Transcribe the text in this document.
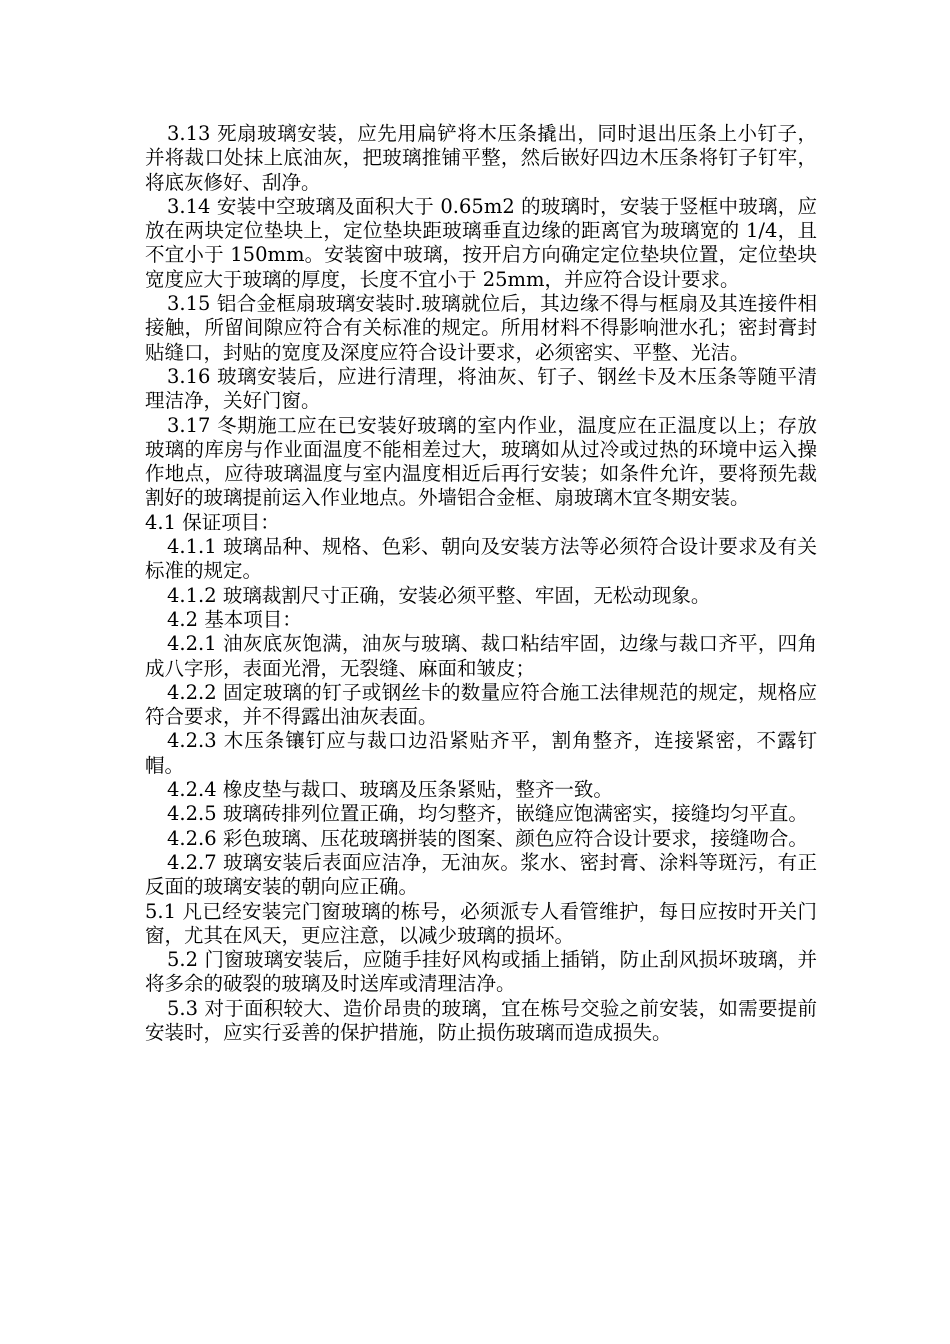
3.13 死扇玻璃安装，应先用扁铲将木压条撬出，同时退出压条上小钉子，并将裁口处抹上底油灰，把玻璃推铺平整，然后嵌好四边木压条将钉子钉牢，将底灰修好、刮净。

3.14 安装中空玻璃及面积大于 0.65m2 的玻璃时，安装于竖框中玻璃，应放在两块定位垫块上，定位垫块距玻璃垂直边缘的距离官为玻璃宽的 1/4，且不宜小于 150mm。安装窗中玻璃，按开启方向确定定位垫块位置，定位垫块宽度应大于玻璃的厚度，长度不宜小于 25mm，并应符合设计要求。

3.15 铝合金框扇玻璃安装时.玻璃就位后，其边缘不得与框扇及其连接件相接触，所留间隙应符合有关标准的规定。所用材料不得影响泄水孔；密封膏封贴缝口，封贴的宽度及深度应符合设计要求，必须密实、平整、光洁。

3.16 玻璃安装后，应进行清理，将油灰、钉子、钢丝卡及木压条等随平清理洁净，关好门窗。

3.17 冬期施工应在已安装好玻璃的室内作业，温度应在正温度以上；存放玻璃的库房与作业面温度不能相差过大，玻璃如从过冷或过热的环境中运入操作地点，应待玻璃温度与室内温度相近后再行安装；如条件允许，要将预先裁割好的玻璃提前运入作业地点。外墙铝合金框、扇玻璃木宜冬期安装。

4.1 保证项目：

4.1.1 玻璃品种、规格、色彩、朝向及安装方法等必须符合设计要求及有关标准的规定。

4.1.2 玻璃裁割尺寸正确，安装必须平整、牢固，无松动现象。

4.2 基本项目：

4.2.1 油灰底灰饱满，油灰与玻璃、裁口粘结牢固，边缘与裁口齐平，四角成八字形，表面光滑，无裂缝、麻面和皱皮；

4.2.2 固定玻璃的钉子或钢丝卡的数量应符合施工法律规范的规定，规格应符合要求，并不得露出油灰表面。

4.2.3 木压条镶钉应与裁口边沿紧贴齐平，割角整齐，连接紧密，不露钉帽。

4.2.4 橡皮垫与裁口、玻璃及压条紧贴，整齐一致。

4.2.5 玻璃砖排列位置正确，均匀整齐，嵌缝应饱满密实，接缝均匀平直。

4.2.6 彩色玻璃、压花玻璃拼装的图案、颜色应符合设计要求，接缝吻合。

4.2.7 玻璃安装后表面应洁净，无油灰。浆水、密封膏、涂料等斑污，有正反面的玻璃安装的朝向应正确。

5.1 凡已经安装完门窗玻璃的栋号，必须派专人看管维护，每日应按时开关门窗，尤其在风天，更应注意，以减少玻璃的损坏。

5.2 门窗玻璃安装后，应随手挂好风构或插上插销，防止刮风损坏玻璃，并将多余的破裂的玻璃及时送库或清理洁净。

5.3 对于面积较大、造价昂贵的玻璃，宜在栋号交验之前安装，如需要提前安装时，应实行妥善的保护措施，防止损伤玻璃而造成损失。
